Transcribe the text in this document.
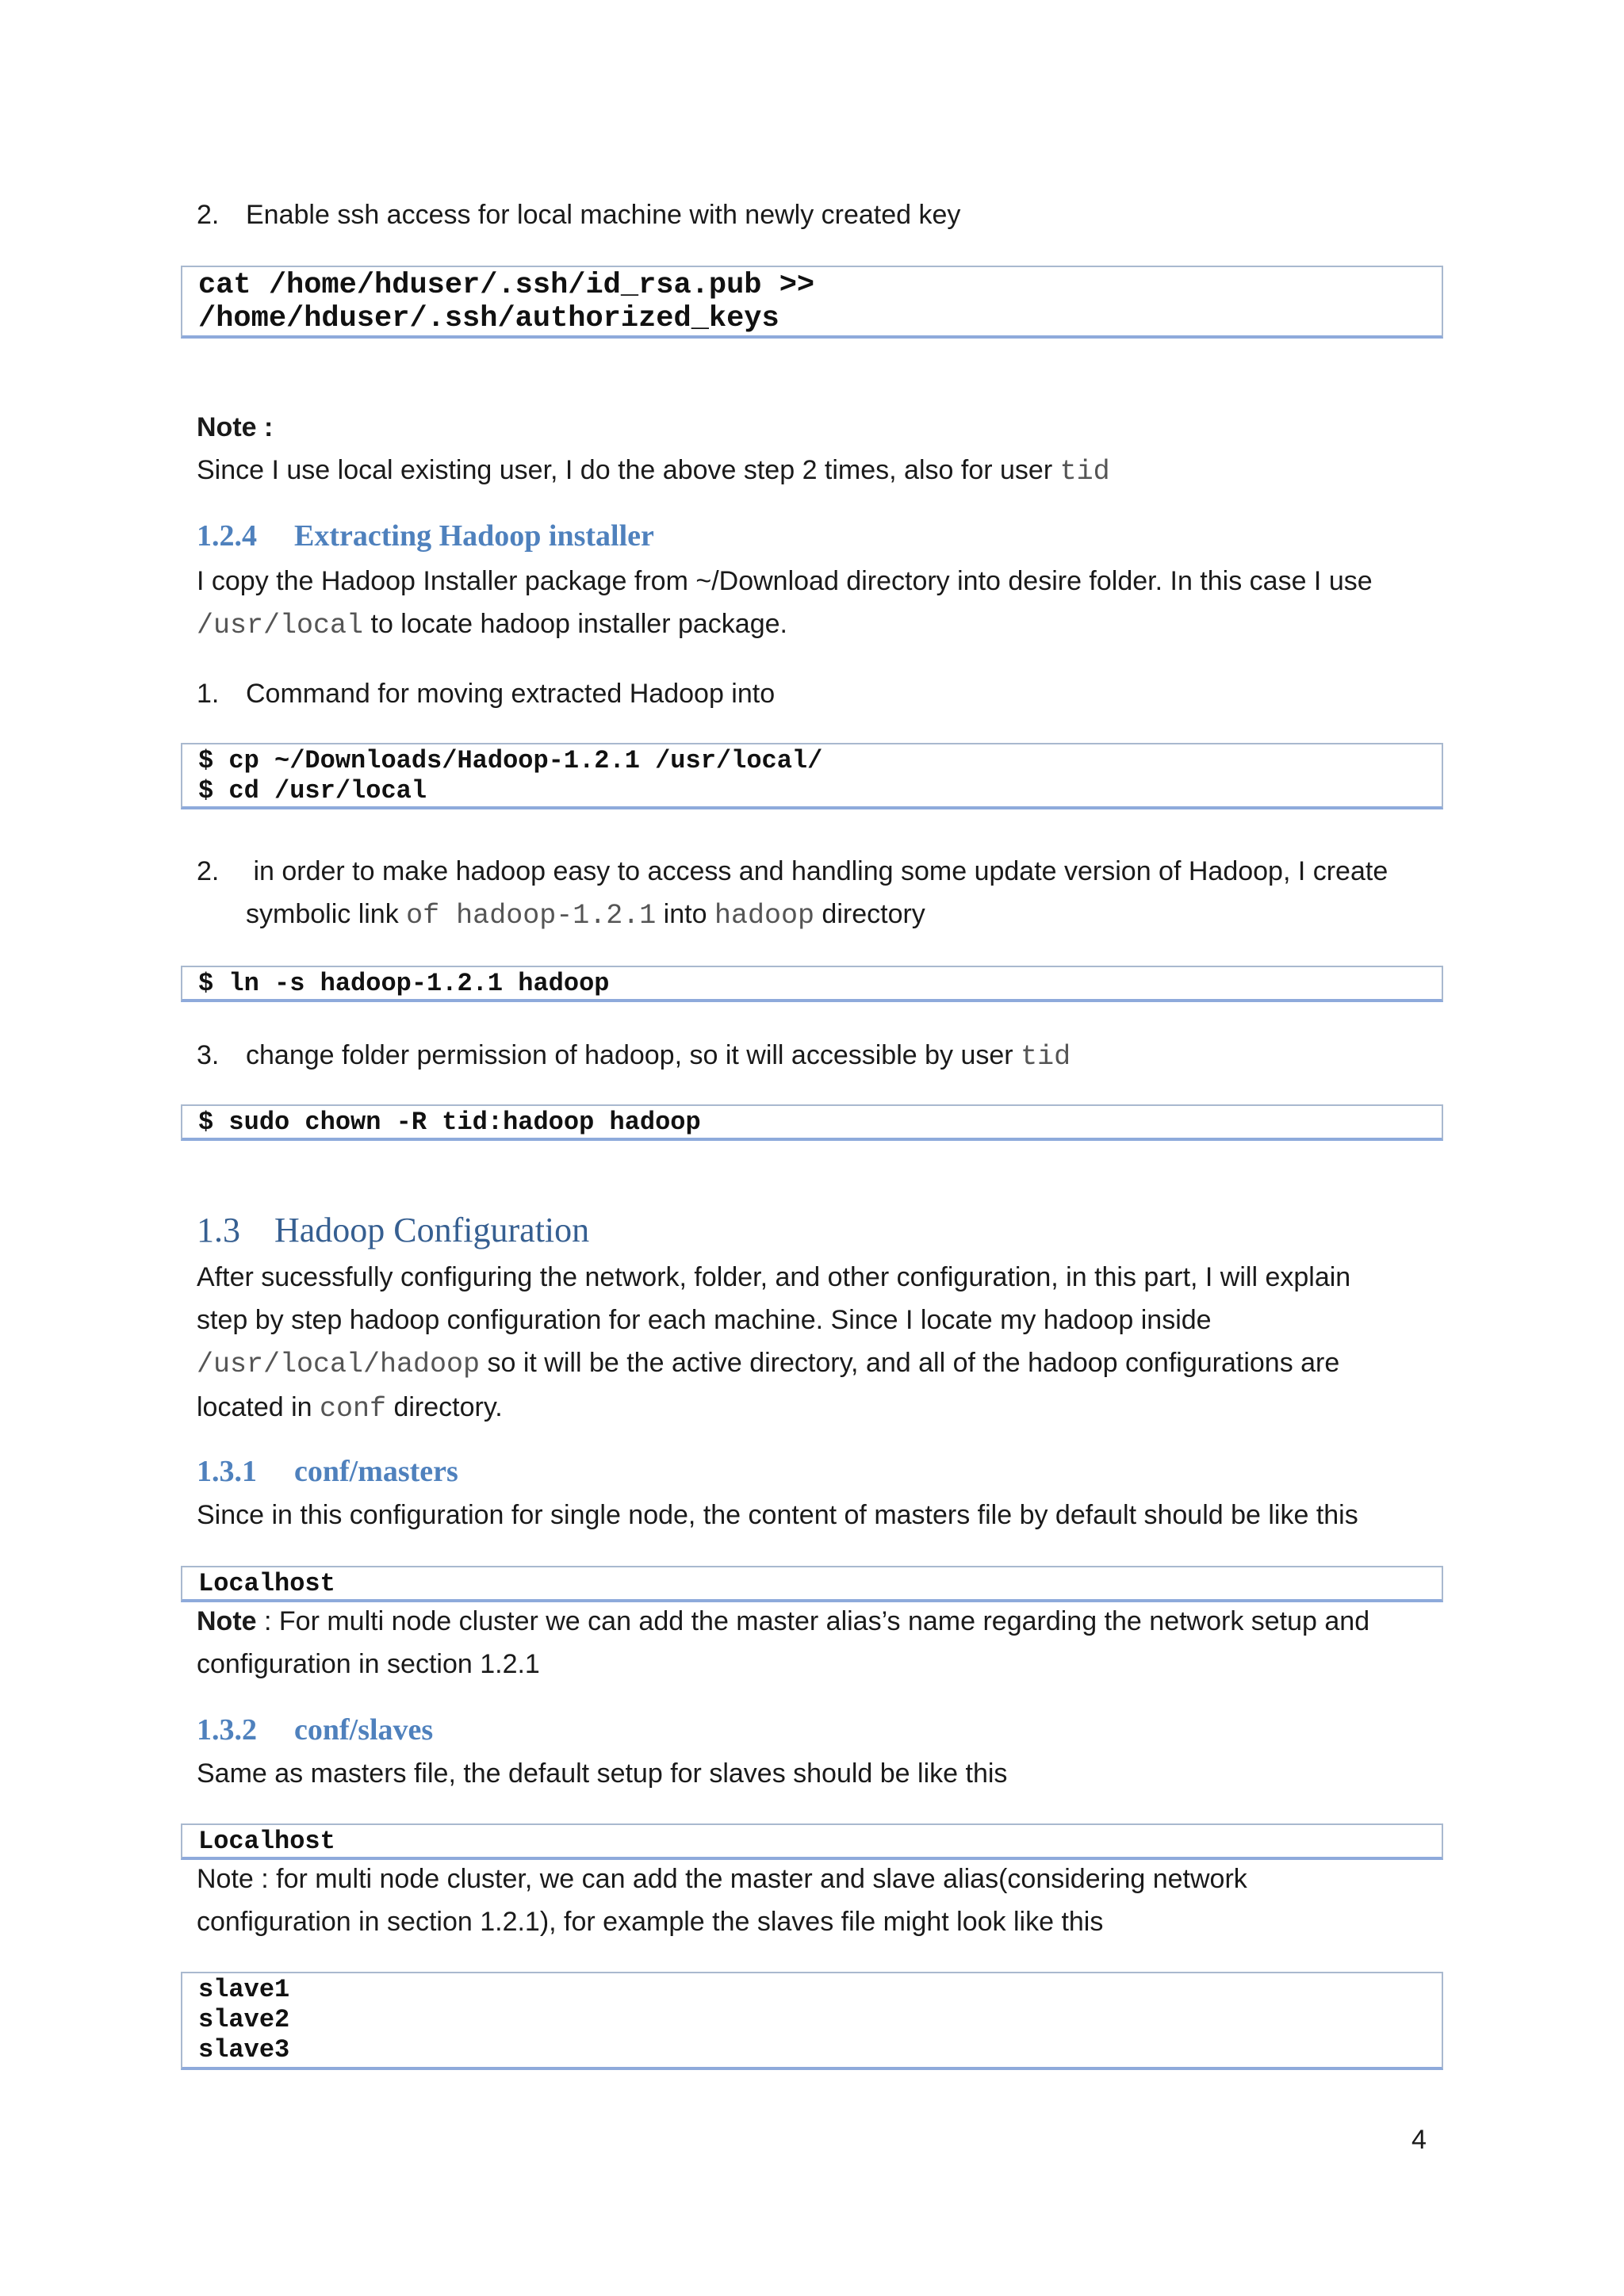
2. Enable ssh access for local machine with newly created key
cat /home/hduser/.ssh/id_rsa.pub >>
/home/hduser/.ssh/authorized_keys
Note :
Since I use local existing user, I do the above step 2 times, also for user tid
1.2.4 Extracting Hadoop installer
I copy the Hadoop Installer package from ~/Download directory into desire folder. In this case I use
/usr/local to locate hadoop installer package.
1. Command for moving extracted Hadoop into
$ cp ~/Downloads/Hadoop-1.2.1 /usr/local/
$ cd /usr/local
2. in order to make hadoop easy to access and handling some update version of Hadoop, I create
symbolic link of hadoop-1.2.1 into hadoop directory
$ ln -s hadoop-1.2.1 hadoop
3. change folder permission of hadoop, so it will accessible by user tid
$ sudo chown -R tid:hadoop hadoop
1.3 Hadoop Configuration
After sucessfully configuring the network, folder, and other configuration, in this part, I will explain
step by step hadoop configuration for each machine. Since I locate my hadoop inside
/usr/local/hadoop so it will be the active directory, and all of the hadoop configurations are
located in conf directory.
1.3.1 conf/masters
Since in this configuration for single node, the content of masters file by default should be like this
Localhost
Note : For multi node cluster we can add the master alias’s name regarding the network setup and
configuration in section 1.2.1
1.3.2 conf/slaves
Same as masters file, the default setup for slaves should be like this
Localhost
Note : for multi node cluster, we can add the master and slave alias(considering network
configuration in section 1.2.1), for example the slaves file might look like this
slave1
slave2
slave3
4
